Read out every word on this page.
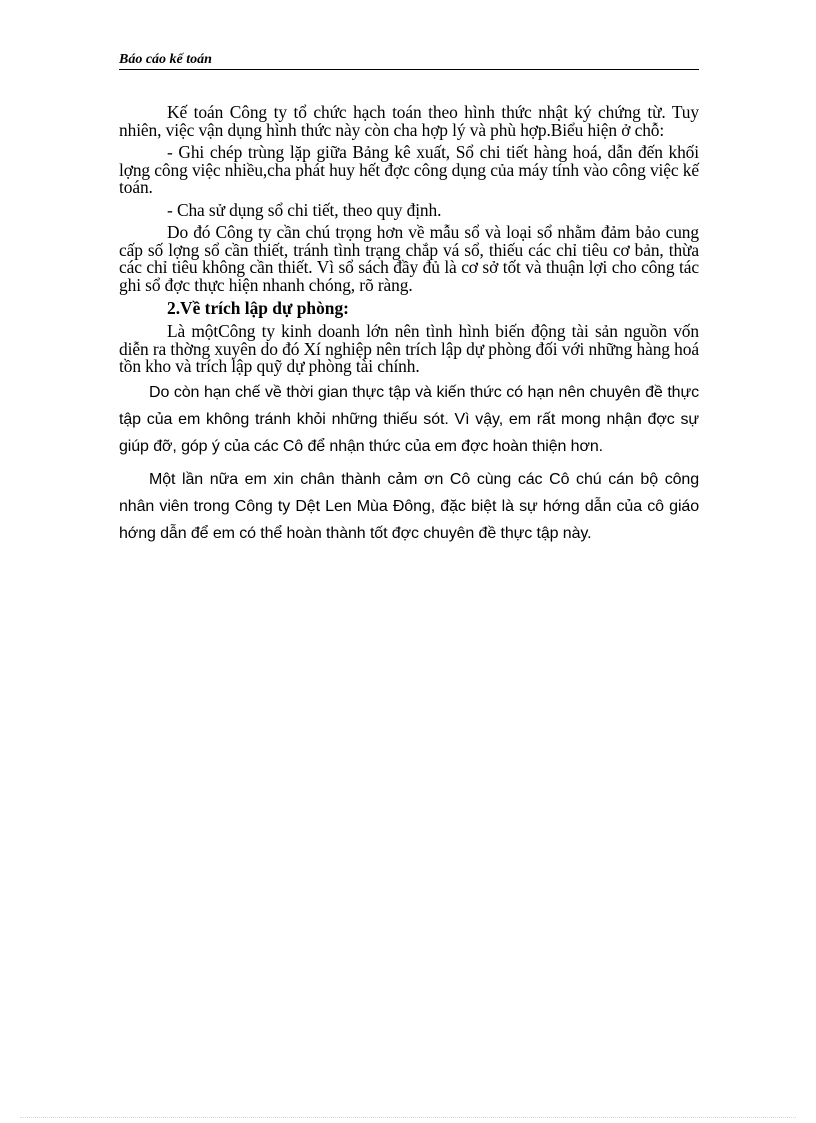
Báo cáo kế toán

Kế toán Công ty tổ chức hạch toán theo hình thức nhật ký chứng từ. Tuy nhiên, việc vận dụng hình thức này còn cha hợp lý và phù hợp.Biểu hiện ở chỗ:

- Ghi chép trùng lặp giữa Bảng kê xuất, Sổ chi tiết hàng hoá, dẫn đến khối lợng công việc nhiều,cha phát huy hết đợc công dụng của máy tính vào công việc kế toán.

- Cha sử dụng sổ chi tiết, theo quy định.

Do đó Công ty cần chú trọng hơn về mẫu sổ và loại sổ nhằm đảm bảo cung cấp số lợng sổ cần thiết, tránh tình trạng chắp vá sổ, thiếu các chỉ tiêu cơ bản, thừa các chỉ tiêu không cần thiết. Vì sổ sách đầy đủ là cơ sở tốt và thuận lợi cho công tác ghi sổ đợc thực hiện nhanh chóng, rõ ràng.

2.Về trích lập dự phòng:

Là mộtCông ty kinh doanh lớn nên tình hình biến động tài sản nguồn vốn diễn ra thờng xuyên do đó Xí nghiệp nên trích lập dự phòng đối với những hàng hoá tồn kho và trích lập quỹ dự phòng tài chính.

Do còn hạn chế về thời gian thực tập và kiến thức có hạn nên chuyên đề thực tập của em không tránh khỏi những thiếu sót. Vì vậy, em rất mong nhận đợc sự giúp đỡ, góp ý của các Cô để nhận thức của em đợc hoàn thiện hơn.

Một lần nữa em xin chân thành cảm ơn Cô cùng các Cô chú cán bộ công nhân viên trong Công ty Dệt Len Mùa Đông, đặc biệt là sự hớng dẫn của cô giáo hớng dẫn để em có thể hoàn thành tốt đợc chuyên đề thực tập này.
